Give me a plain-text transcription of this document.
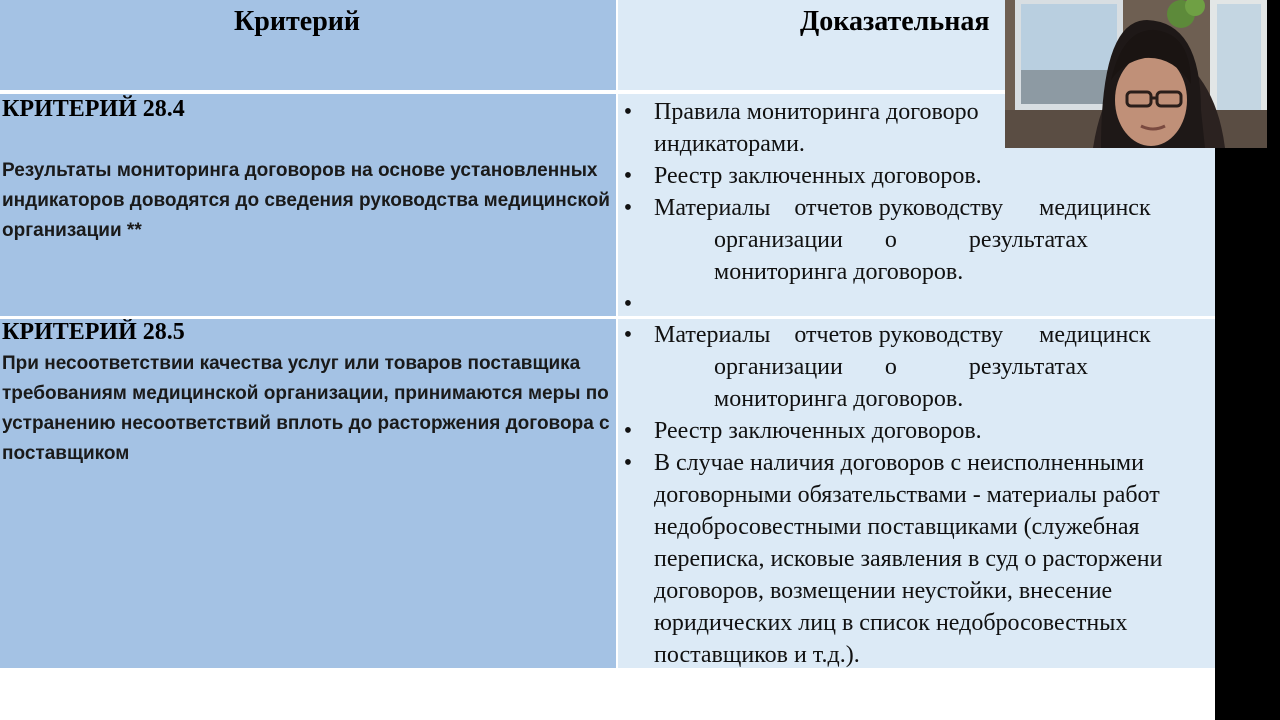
Критерий	Доказательная
КРИТЕРИЙ 28.4
Результаты мониторинга договоров на основе установленных индикаторов доводятся до сведения руководства медицинской организации **
• Правила мониторинга договоро
индикаторами.
• Реестр заключенных договоров.
• Материалы    отчетов руководству      медицинск
организации       о            результатах
мониторинга договоров.
•
КРИТЕРИЙ 28.5
При несоответствии качества услуг или товаров поставщика требованиям медицинской организации, принимаются меры по устранению несоответствий вплоть до расторжения договора с поставщиком
• Материалы    отчетов руководству      медицинск
организации       о            результатах
мониторинга договоров.
• Реестр заключенных договоров.
• В случае наличия договоров с неисполненными
договорными обязательствами - материалы работ
недобросовестными поставщиками (служебная
переписка, исковые заявления в суд о расторжени
договоров, возмещении неустойки, внесение
юридических лиц в список недобросовестных
поставщиков и т.д.).
